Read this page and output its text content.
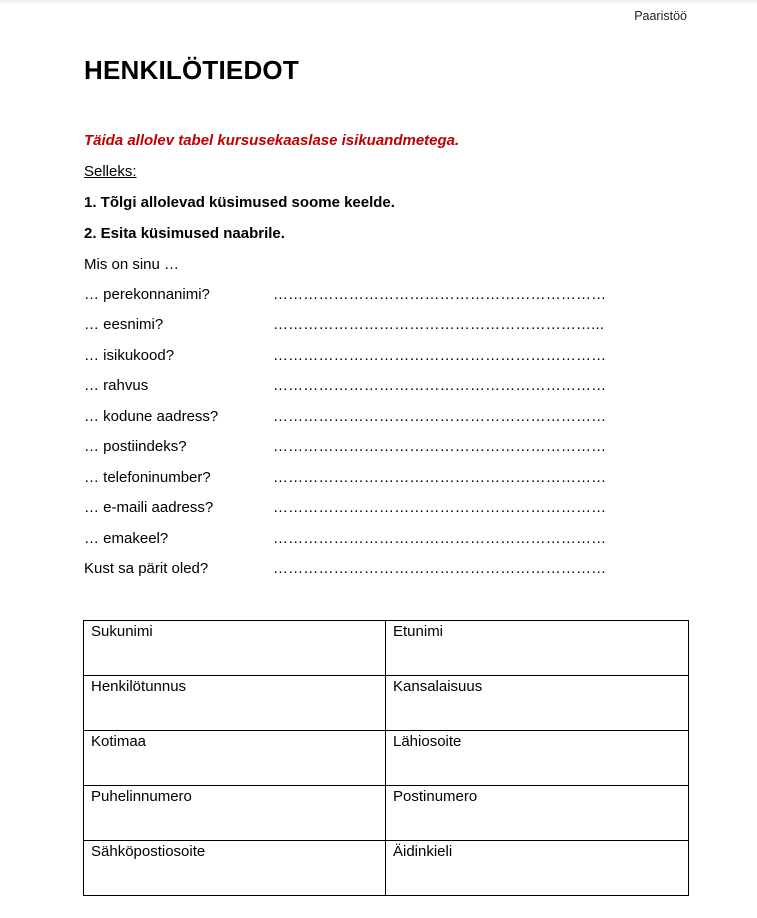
Paaristöö
HENKILÖTIEDOT
Täida allolev tabel kursusekaaslase isikuandmetega.
Selleks:
1. Tõlgi allolevad küsimused soome keelde.
2. Esita küsimused naabrile.
Mis on sinu …
… perekonnanimi?	…………………………………………………………
… eesnimi?	………………………………………………………...
… isikukood?	…………………………………………………………
… rahvus	…………………………………………………………
… kodune aadress?	…………………………………………………………
… postiindeks?	…………………………………………………………
… telefoninumber?	…………………………………………………………
… e-maili aadress?	…………………………………………………………
… emakeel?	…………………………………………………………
Kust sa pärit oled?	…………………………………………………………
Sukunimi	Etunimi
Henkilötunnus	Kansalaisuus
Kotimaa	Lähiosoite
Puhelinnumero	Postinumero
Sähköpostiosoite	Äidinkieli
